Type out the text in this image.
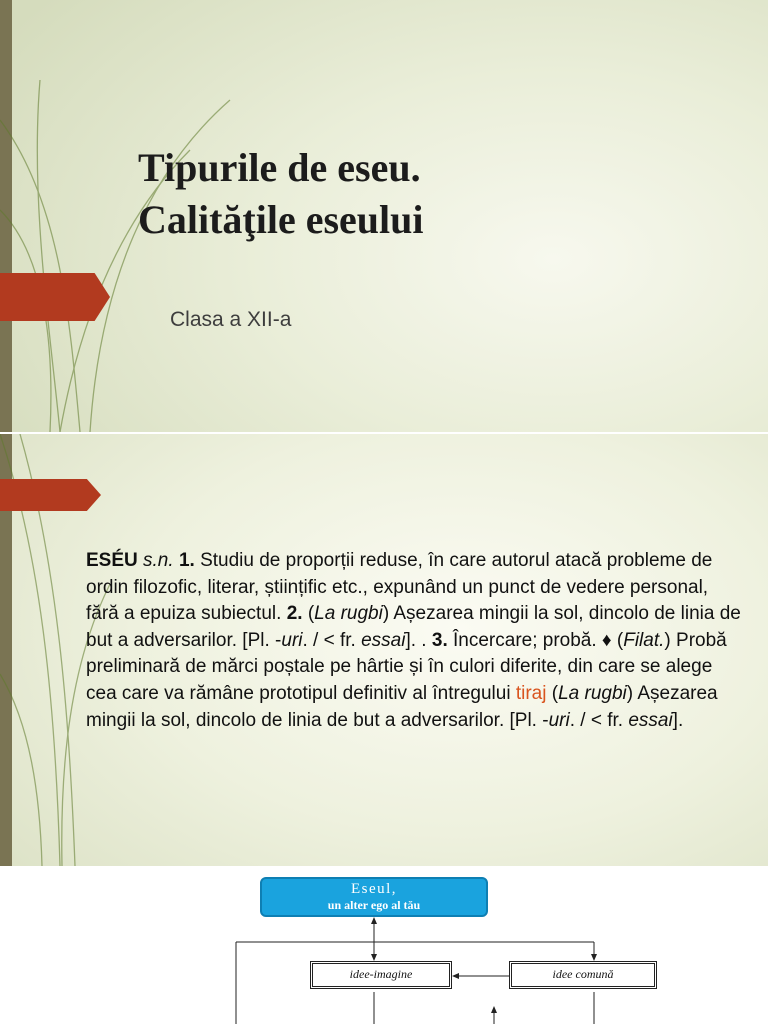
Tipurile de eseu.
Calităţile eseului
Clasa a XII-a
ESÉU s.n. 1. Studiu de proporții reduse, în care autorul atacă probleme de ordin filozofic, literar, științific etc., expunând un punct de vedere personal, fără a epuiza subiectul. 2. (La rugbi) Așezarea mingii la sol, dincolo de linia de but a adversarilor. [Pl. -uri. / < fr. essai]. . 3. Încercare; probă. ♦ (Filat.) Probă preliminară de mărci poștale pe hârtie și în culori diferite, din care se alege cea care va rămâne prototipul definitiv al întregului tiraj (La rugbi) Așezarea mingii la sol, dincolo de linia de but a adversarilor. [Pl. -uri. / < fr. essai].
Eseul,
un alter ego al tău
idee-imagine	idee comună
